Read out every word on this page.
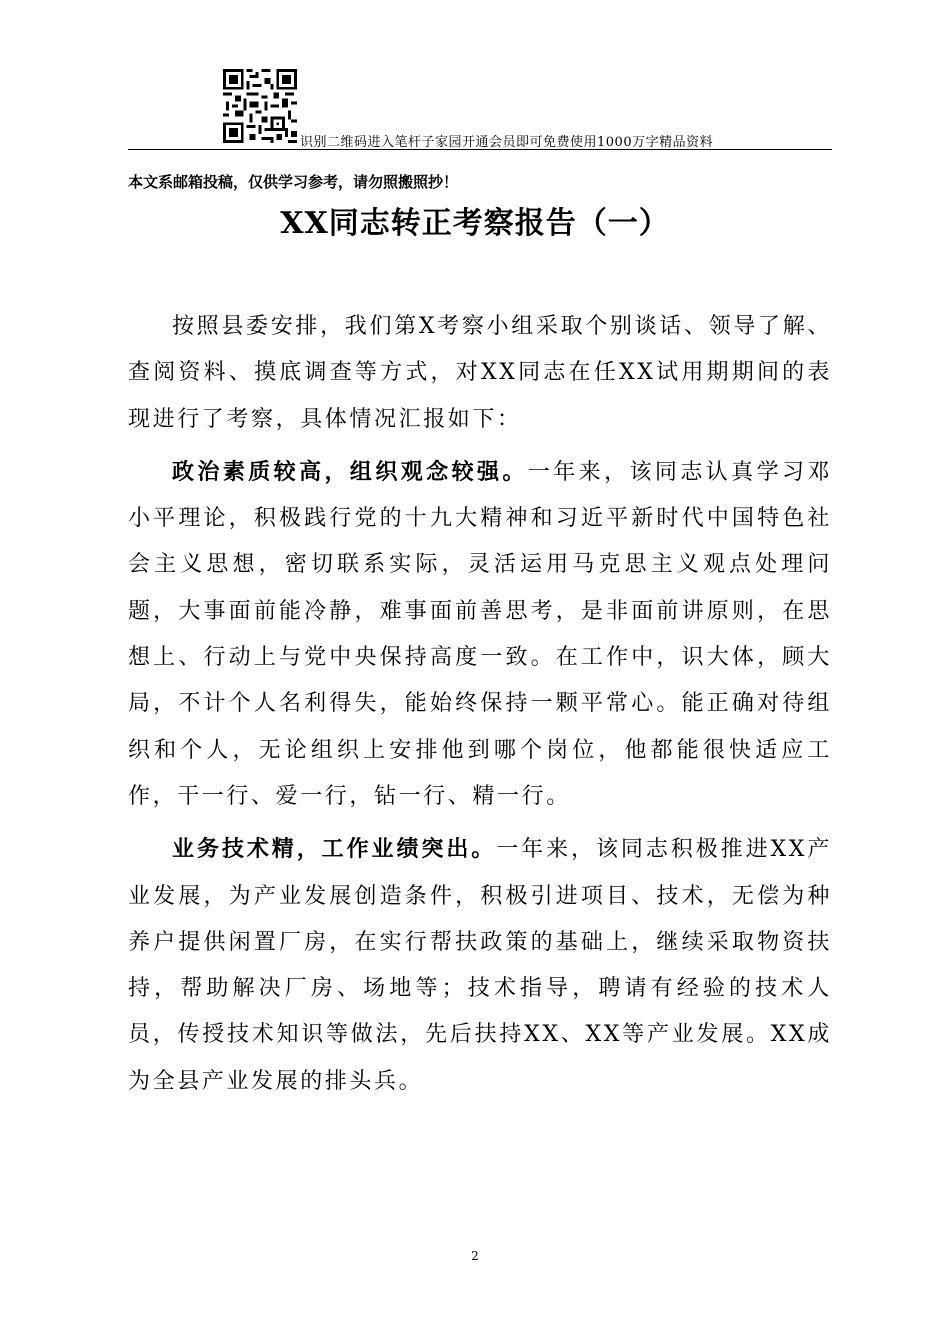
识别二维码进入笔杆子家园开通会员即可免费使用1000万字精品资料
本文系邮箱投稿，仅供学习参考，请勿照搬照抄！
XX同志转正考察报告（一）

按照县委安排，我们第X考察小组采取个别谈话、领导了解、查阅资料、摸底调查等方式，对XX同志在任XX试用期期间的表现进行了考察，具体情况汇报如下：

政治素质较高，组织观念较强。一年来，该同志认真学习邓小平理论，积极践行党的十九大精神和习近平新时代中国特色社会主义思想，密切联系实际，灵活运用马克思主义观点处理问题，大事面前能冷静，难事面前善思考，是非面前讲原则，在思想上、行动上与党中央保持高度一致。在工作中，识大体，顾大局，不计个人名利得失，能始终保持一颗平常心。能正确对待组织和个人，无论组织上安排他到哪个岗位，他都能很快适应工作，干一行、爱一行，钻一行、精一行。

业务技术精，工作业绩突出。一年来，该同志积极推进XX产业发展，为产业发展创造条件，积极引进项目、技术，无偿为种养户提供闲置厂房，在实行帮扶政策的基础上，继续采取物资扶持，帮助解决厂房、场地等；技术指导，聘请有经验的技术人员，传授技术知识等做法，先后扶持XX、XX等产业发展。XX成为全县产业发展的排头兵。

2
